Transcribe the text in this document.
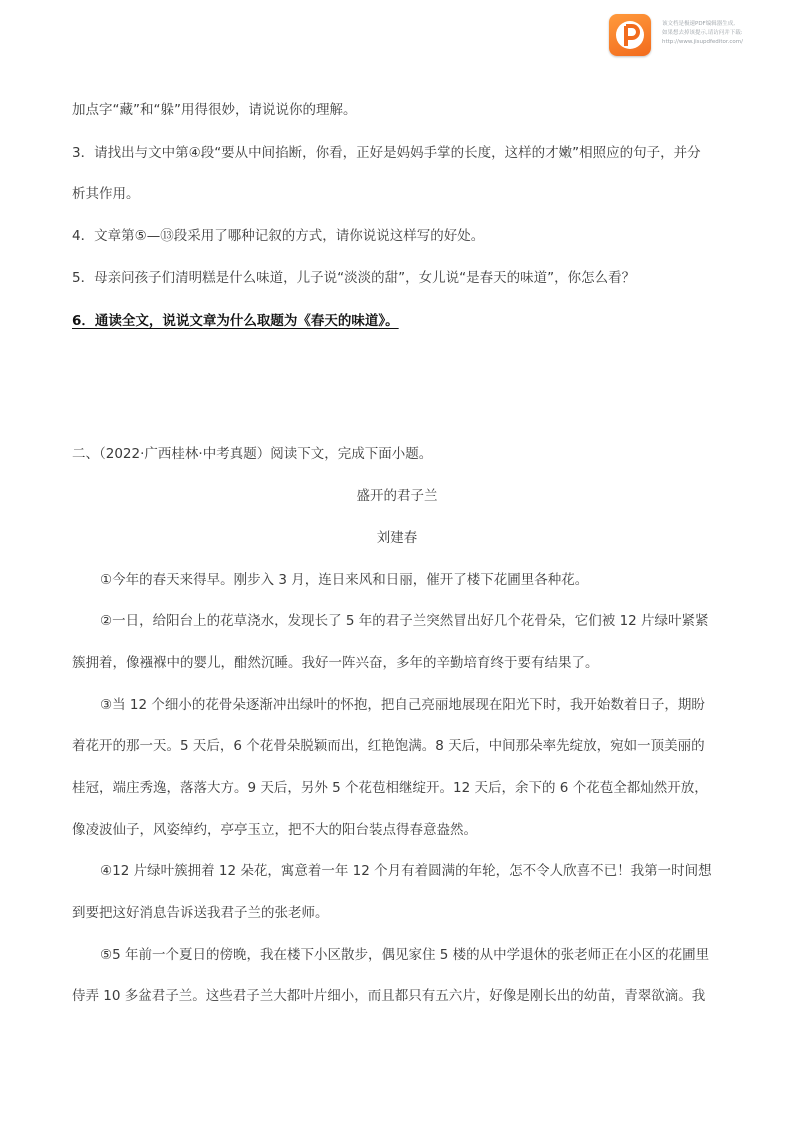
该文档是极速PDF编辑器生成,
如果想去掉该提示,请访问并下载:
http://www.jisupdfeditor.com/
加点字“藏”和“躲”用得很妙，请说说你的理解。
3．请找出与文中第④段“要从中间掐断，你看，正好是妈妈手掌的长度，这样的才嫩”相照应的句子，并分
析其作用。
4．文章第⑤—⑬段采用了哪种记叙的方式，请你说说这样写的好处。
5．母亲问孩子们清明糕是什么味道，儿子说“淡淡的甜”，女儿说“是春天的味道”，你怎么看？
6．通读全文，说说文章为什么取题为《春天的味道》。
二、（2022·广西桂林·中考真题）阅读下文，完成下面小题。
盛开的君子兰
刘建春
①今年的春天来得早。刚步入 3 月，连日来风和日丽，催开了楼下花圃里各种花。
②一日，给阳台上的花草浇水，发现长了 5 年的君子兰突然冒出好几个花骨朵，它们被 12 片绿叶紧紧
簇拥着，像襁褓中的婴儿，酣然沉睡。我好一阵兴奋，多年的辛勤培育终于要有结果了。
③当 12 个细小的花骨朵逐渐冲出绿叶的怀抱，把自己亮丽地展现在阳光下时，我开始数着日子，期盼
着花开的那一天。5 天后，6 个花骨朵脱颖而出，红艳饱满。8 天后，中间那朵率先绽放，宛如一顶美丽的
桂冠，端庄秀逸，落落大方。9 天后，另外 5 个花苞相继绽开。12 天后，余下的 6 个花苞全都灿然开放，
像凌波仙子，风姿绰约，亭亭玉立，把不大的阳台装点得春意盎然。
④12 片绿叶簇拥着 12 朵花，寓意着一年 12 个月有着圆满的年轮，怎不令人欣喜不已！我第一时间想
到要把这好消息告诉送我君子兰的张老师。
⑤5 年前一个夏日的傍晚，我在楼下小区散步，偶见家住 5 楼的从中学退休的张老师正在小区的花圃里
侍弄 10 多盆君子兰。这些君子兰大都叶片细小，而且都只有五六片，好像是刚长出的幼苗，青翠欲滴。我
